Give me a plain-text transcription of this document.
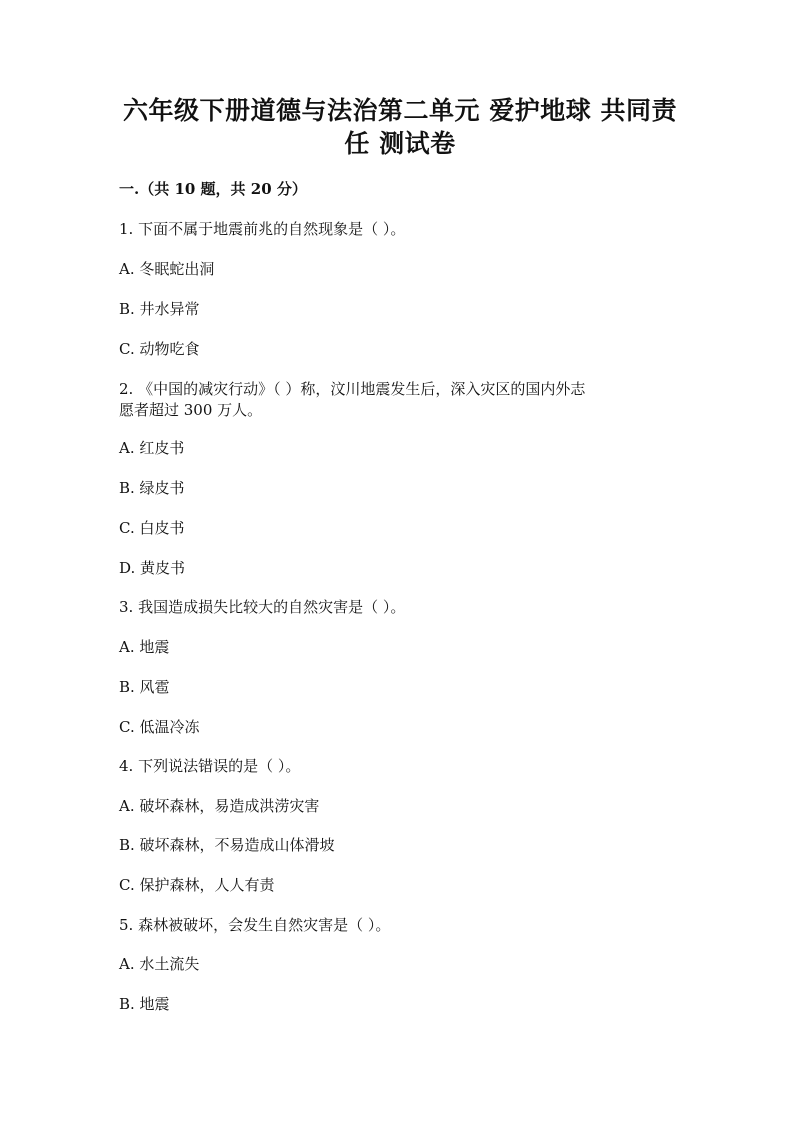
六年级下册道德与法治第二单元 爱护地球 共同责
任 测试卷
一.（共 10 题，共 20 分）
1. 下面不属于地震前兆的自然现象是（ ）。
A. 冬眠蛇出洞
B. 井水异常
C. 动物吃食
2. 《中国的减灾行动》（ ）称，汶川地震发生后，深入灾区的国内外志
愿者超过 300 万人。
A. 红皮书
B. 绿皮书
C. 白皮书
D. 黄皮书
3. 我国造成损失比较大的自然灾害是（ ）。
A. 地震
B. 风雹
C. 低温冷冻
4. 下列说法错误的是（ ）。
A. 破坏森林，易造成洪涝灾害
B. 破坏森林，不易造成山体滑坡
C. 保护森林，人人有责
5. 森林被破坏，会发生自然灾害是（ ）。
A. 水土流失
B. 地震
